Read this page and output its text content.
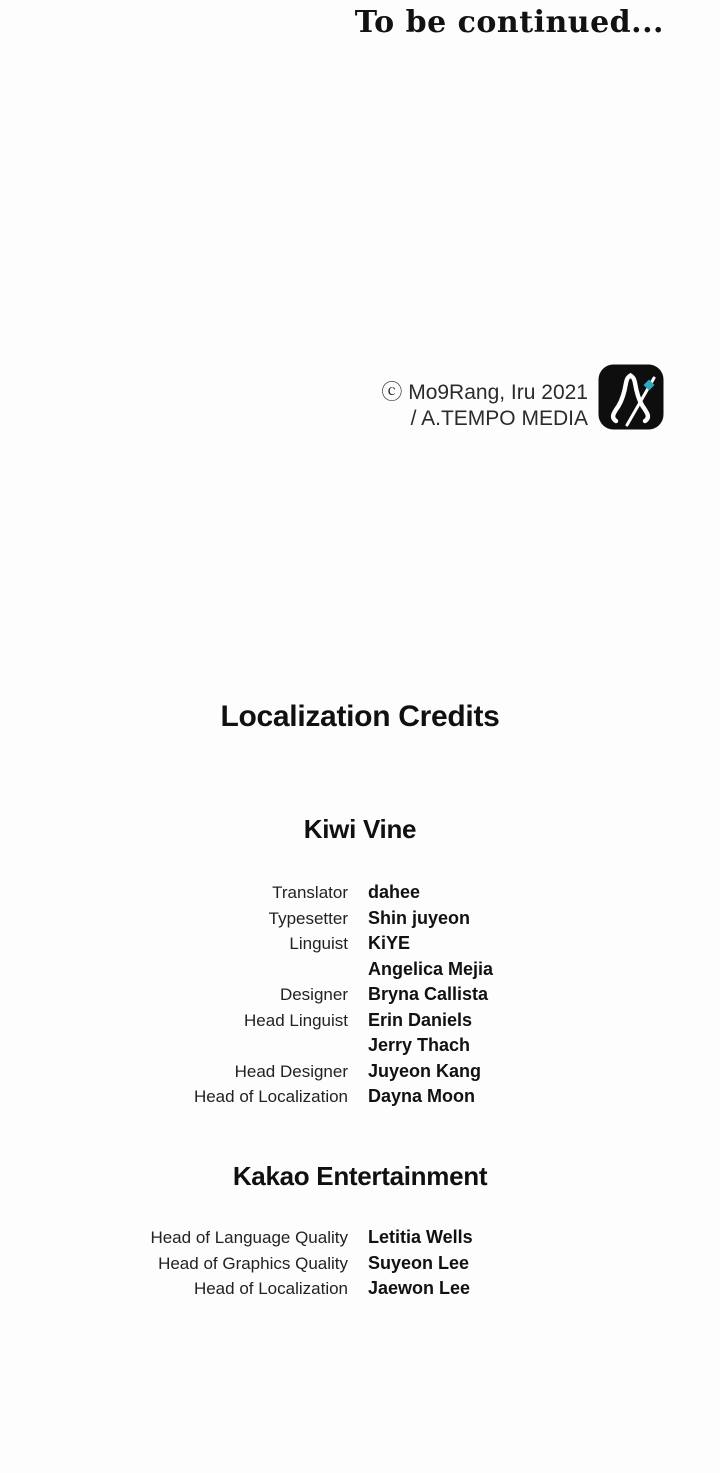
To be continued...
ⓒ Mo9Rang, Iru 2021
/ A.TEMPO MEDIA
Localization Credits
Kiwi Vine
Translator dahee
Typesetter Shin juyeon
Linguist KiYE
Angelica Mejia
Designer Bryna Callista
Head Linguist Erin Daniels
Jerry Thach
Head Designer Juyeon Kang
Head of Localization Dayna Moon
Kakao Entertainment
Head of Language Quality Letitia Wells
Head of Graphics Quality Suyeon Lee
Head of Localization Jaewon Lee
